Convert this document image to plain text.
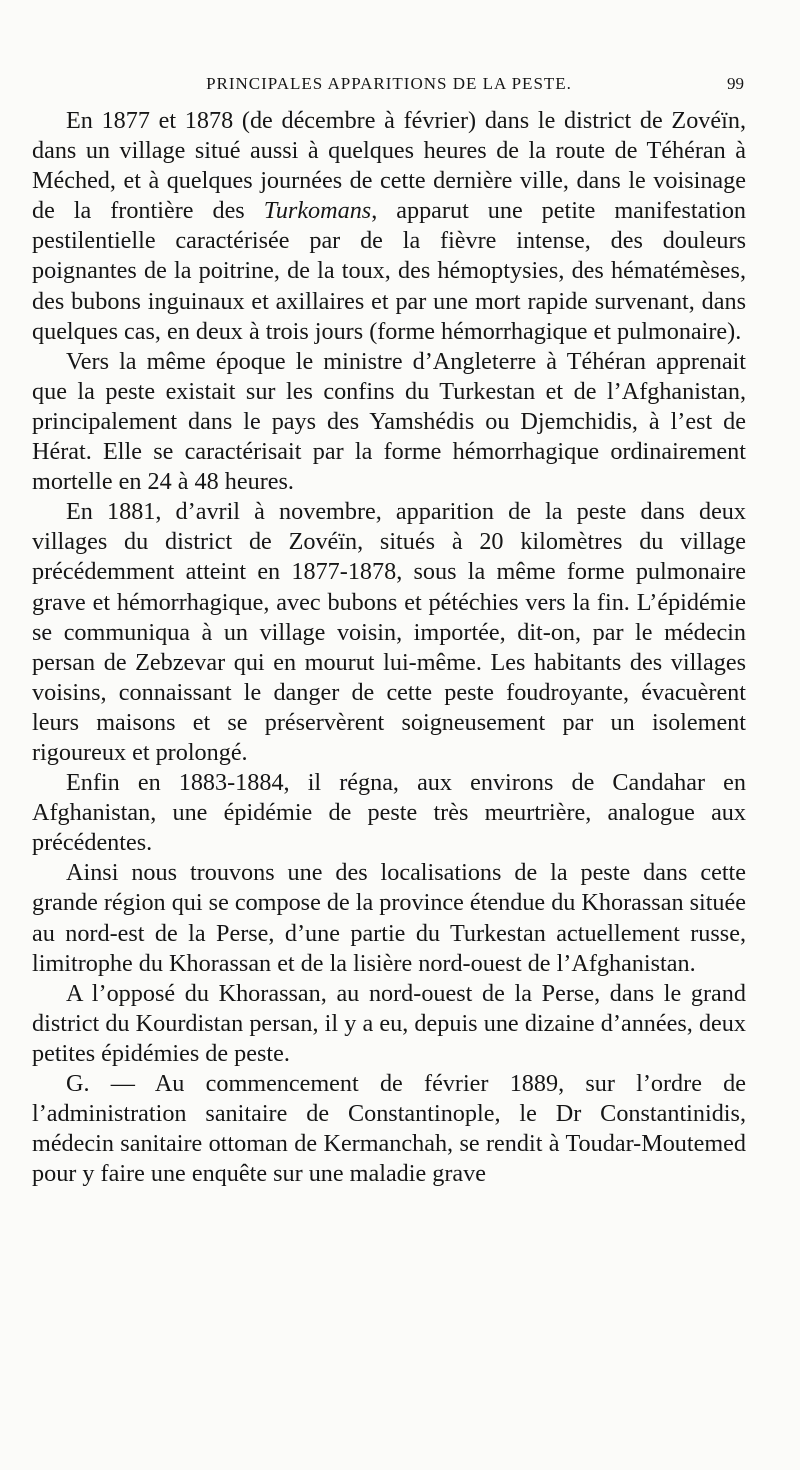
PRINCIPALES APPARITIONS DE LA PESTE.	99

En 1877 et 1878 (de décembre à février) dans le district de Zovéïn, dans un village situé aussi à quelques heures de la route de Téhéran à Méched, et à quelques journées de cette dernière ville, dans le voisinage de la frontière des Turkomans, apparut une petite manifestation pestilentielle caractérisée par de la fièvre intense, des douleurs poignantes de la poitrine, de la toux, des hémoptysies, des hématémèses, des bubons inguinaux et axillaires et par une mort rapide survenant, dans quelques cas, en deux à trois jours (forme hémorrhagique et pulmonaire).

Vers la même époque le ministre d’Angleterre à Téhéran apprenait que la peste existait sur les confins du Turkestan et de l’Afghanistan, principalement dans le pays des Yamshédis ou Djemchidis, à l’est de Hérat. Elle se caractérisait par la forme hémorrhagique ordinairement mortelle en 24 à 48 heures.

En 1881, d’avril à novembre, apparition de la peste dans deux villages du district de Zovéïn, situés à 20 kilomètres du village précédemment atteint en 1877-1878, sous la même forme pulmonaire grave et hémorrhagique, avec bubons et pétéchies vers la fin. L’épidémie se communiqua à un village voisin, importée, dit-on, par le médecin persan de Zebzevar qui en mourut lui-même. Les habitants des villages voisins, connaissant le danger de cette peste foudroyante, évacuèrent leurs maisons et se préservèrent soigneusement par un isolement rigoureux et prolongé.

Enfin en 1883-1884, il régna, aux environs de Candahar en Afghanistan, une épidémie de peste très meurtrière, analogue aux précédentes.

Ainsi nous trouvons une des localisations de la peste dans cette grande région qui se compose de la province étendue du Khorassan située au nord-est de la Perse, d’une partie du Turkestan actuellement russe, limitrophe du Khorassan et de la lisière nord-ouest de l’Afghanistan.

A l’opposé du Khorassan, au nord-ouest de la Perse, dans le grand district du Kourdistan persan, il y a eu, depuis une dizaine d’années, deux petites épidémies de peste.

G. — Au commencement de février 1889, sur l’ordre de l’administration sanitaire de Constantinople, le Dr Constantinidis, médecin sanitaire ottoman de Kermanchah, se rendit à Toudar-Moutemed pour y faire une enquête sur une maladie grave
